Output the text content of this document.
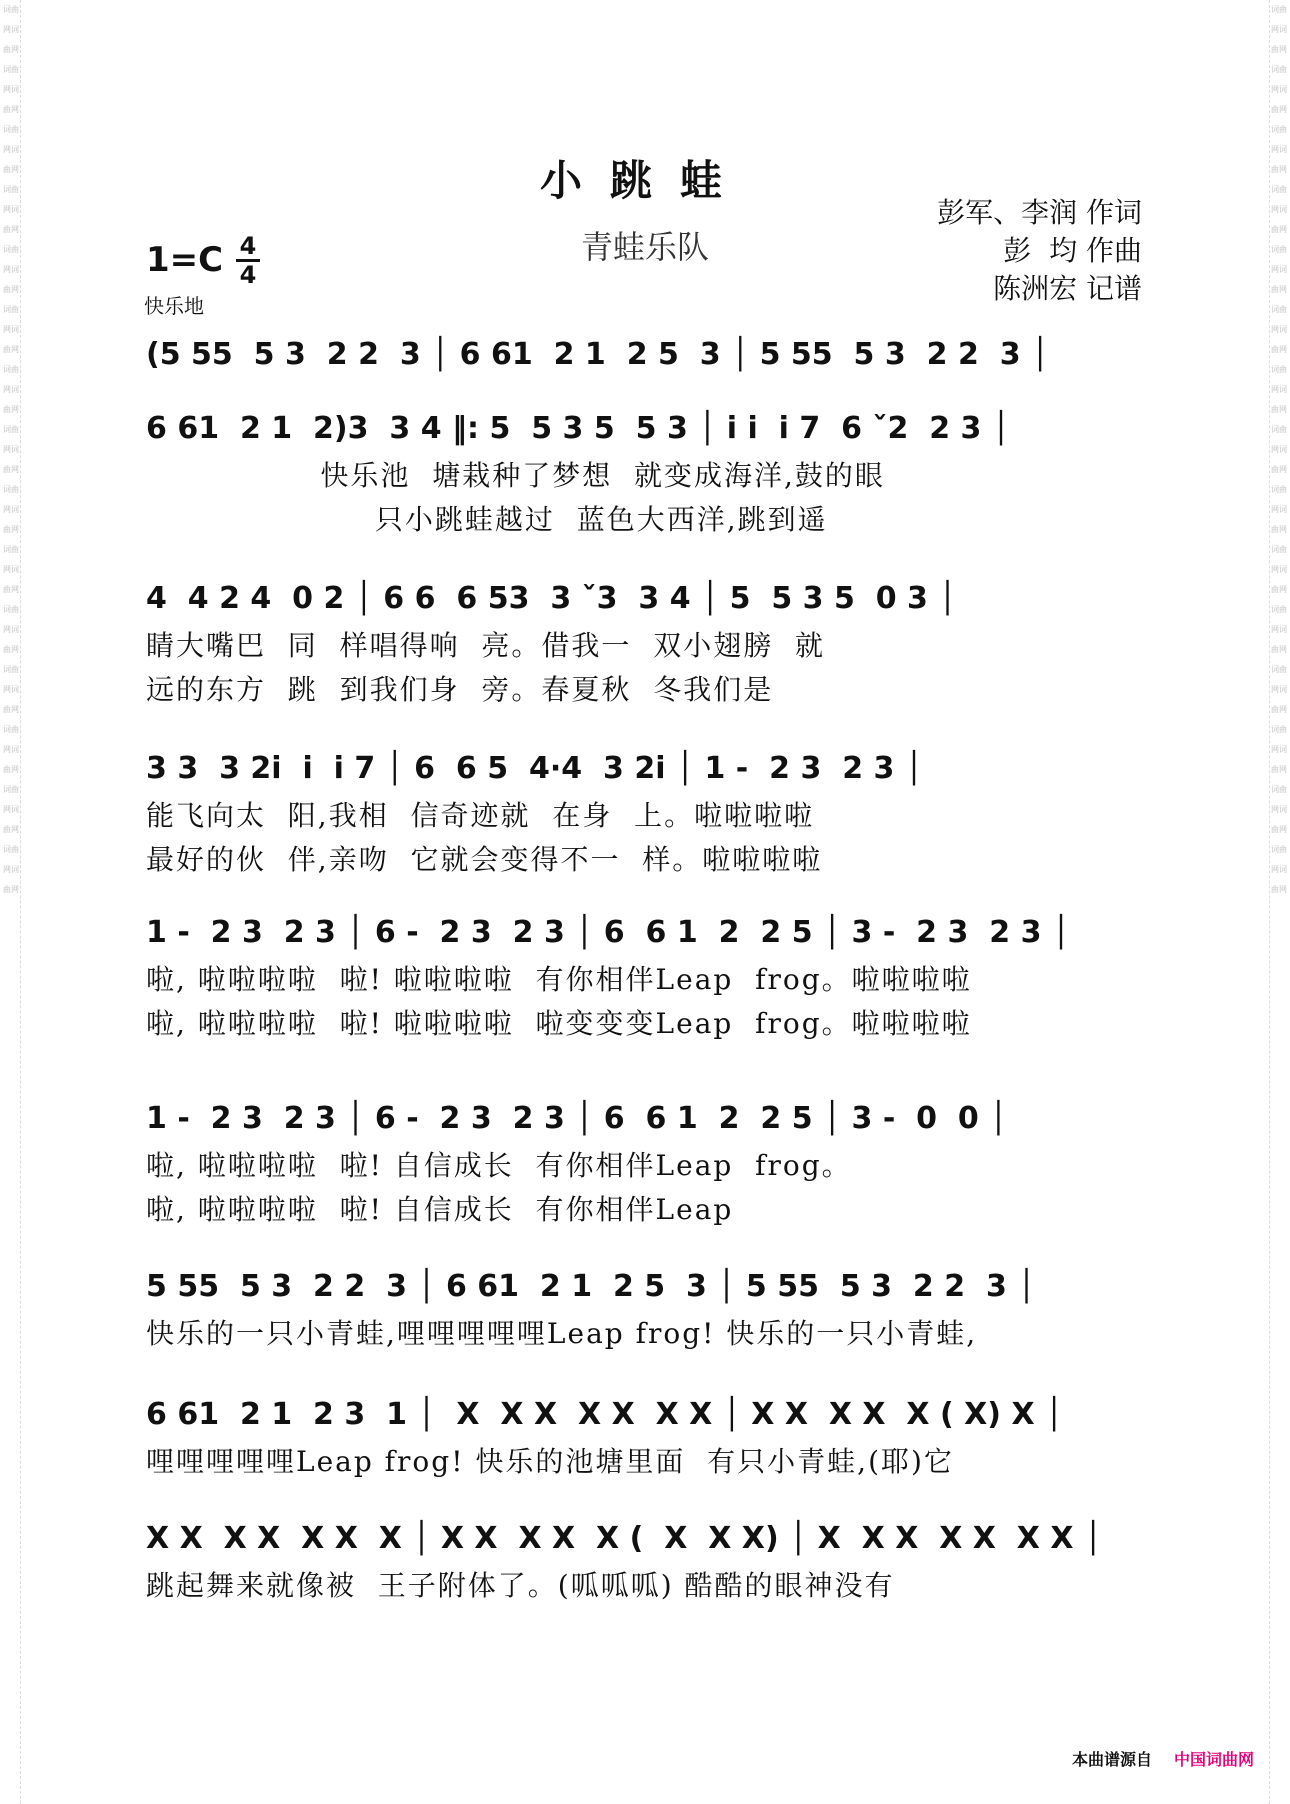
词曲网词曲网词曲网词曲网词曲网词曲网词曲网词曲网词曲网词曲网词曲网词曲网词曲网词曲网词曲网词曲网词曲网词曲网词曲网词曲网词曲网词曲网词曲网词曲网词曲网词曲网词曲网词曲网词曲网词曲网
词曲网词曲网词曲网词曲网词曲网词曲网词曲网词曲网词曲网词曲网词曲网词曲网词曲网词曲网词曲网词曲网词曲网词曲网词曲网词曲网词曲网词曲网词曲网词曲网词曲网词曲网词曲网词曲网词曲网词曲网
小跳蛙
青蛙乐队
彭军、李润 作词
彭  均 作曲
陈洲宏 记谱
1=C 4
4
快乐地
(5 55  5 3  2 2  3 │ 6 61  2 1  2 5  3 │ 5 55  5 3  2 2  3 │
6 61  2 1  2)3  3 4 ‖: 5  5 3 5  5 3 │ i i  i 7  6 ˇ2  2 3 │
快乐池  塘栽种了梦想  就变成海洋,鼓的眼
只小跳蛙越过  蓝色大西洋,跳到遥
4  4 2 4  0 2 │ 6 6  6 53  3 ˇ3  3 4 │ 5  5 3 5  0 3 │
睛大嘴巴  同  样唱得响  亮。借我一  双小翅膀  就
远的东方  跳  到我们身  旁。春夏秋  冬我们是
3 3  3 2i  i  i 7 │ 6  6 5  4·4  3 2i │ 1 -  2 3  2 3 │
能飞向太  阳,我相  信奇迹就  在身  上。啦啦啦啦
最好的伙  伴,亲吻  它就会变得不一  样。啦啦啦啦
1 -  2 3  2 3 │ 6 -  2 3  2 3 │ 6  6 1  2  2 5 │ 3 -  2 3  2 3 │
啦, 啦啦啦啦  啦! 啦啦啦啦  有你相伴Leap  frog。啦啦啦啦
啦, 啦啦啦啦  啦! 啦啦啦啦  啦变变变Leap  frog。啦啦啦啦
1 -  2 3  2 3 │ 6 -  2 3  2 3 │ 6  6 1  2  2 5 │ 3 -  0  0 │
啦, 啦啦啦啦  啦! 自信成长  有你相伴Leap  frog。
啦, 啦啦啦啦  啦! 自信成长  有你相伴Leap
5 55  5 3  2 2  3 │ 6 61  2 1  2 5  3 │ 5 55  5 3  2 2  3 │
快乐的一只小青蛙,哩哩哩哩哩Leap frog! 快乐的一只小青蛙,
6 61  2 1  2 3  1 │  X  X X  X X  X X │ X X  X X  X ( X) X │
哩哩哩哩哩Leap frog! 快乐的池塘里面  有只小青蛙,(耶)它
X X  X X  X X  X │ X X  X X  X (  X  X X) │ X  X X  X X  X X │
跳起舞来就像被  王子附体了。(呱呱呱) 酷酷的眼神没有
本曲谱源自 中国词曲网
